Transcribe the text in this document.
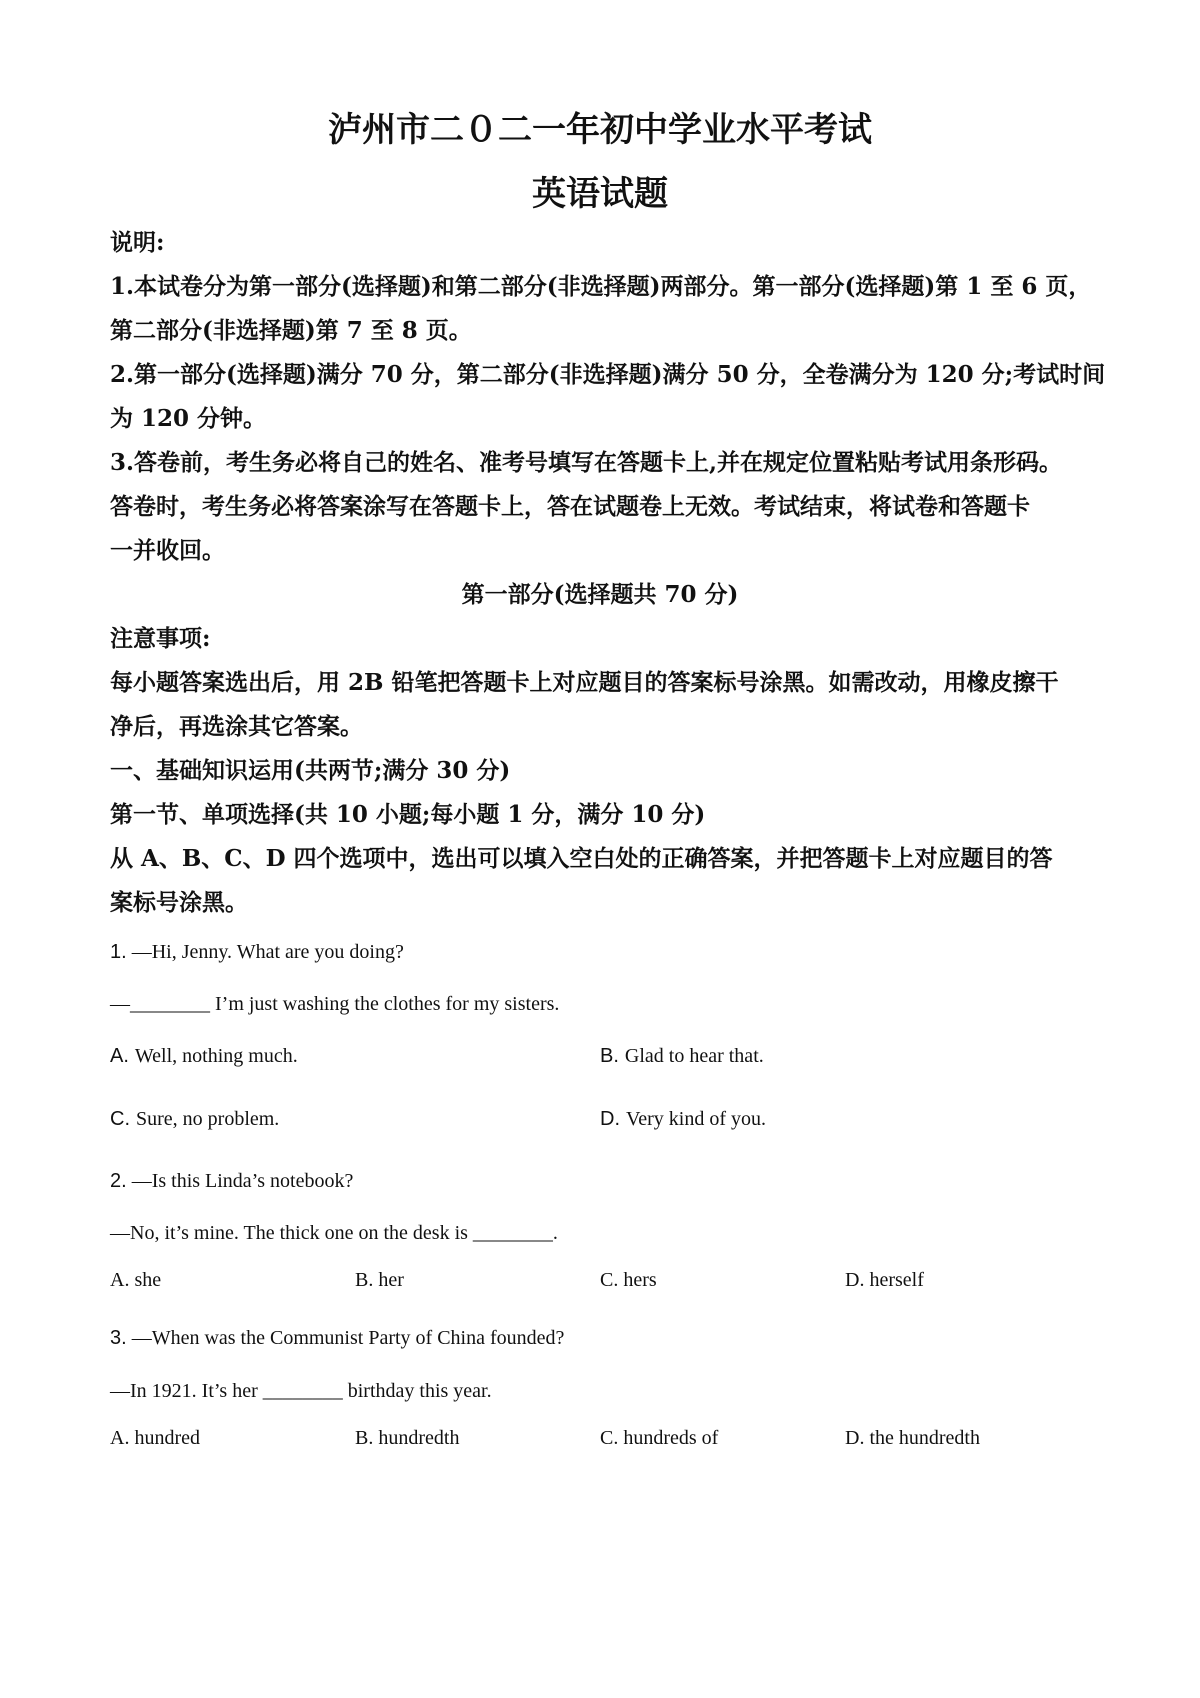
泸州市二０二一年初中学业水平考试
英语试题
说明:
1.本试卷分为第一部分(选择题)和第二部分(非选择题)两部分。第一部分(选择题)第 1 至 6 页，
第二部分(非选择题)第 7 至 8 页。
2.第一部分(选择题)满分 70 分，第二部分(非选择题)满分 50 分，全卷满分为 120 分;考试时间
为 120 分钟。
3.答卷前，考生务必将自己的姓名、准考号填写在答题卡上,并在规定位置粘贴考试用条形码。
答卷时，考生务必将答案涂写在答题卡上，答在试题卷上无效。考试结束，将试卷和答题卡
一并收回。
第一部分(选择题共 70 分)
注意事项:
每小题答案选出后，用 2B 铅笔把答题卡上对应题目的答案标号涂黑。如需改动，用橡皮擦干
净后，再选涂其它答案。
一、基础知识运用(共两节;满分 30 分)
第一节、单项选择(共 10 小题;每小题 1 分，满分 10 分)
从 A、B、C、D 四个选项中，选出可以填入空白处的正确答案，并把答题卡上对应题目的答
案标号涂黑。
1. —Hi, Jenny. What are you doing?
—________ I’m just washing the clothes for my sisters.
A. Well, nothing much.	B. Glad to hear that.
C. Sure, no problem.	D. Very kind of you.
2. —Is this Linda’s notebook?
—No, it’s mine. The thick one on the desk is ________.
A. she	B. her	C. hers	D. herself
3. —When was the Communist Party of China founded?
—In 1921. It’s her ________ birthday this year.
A. hundred	B. hundredth	C. hundreds of	D. the hundredth
